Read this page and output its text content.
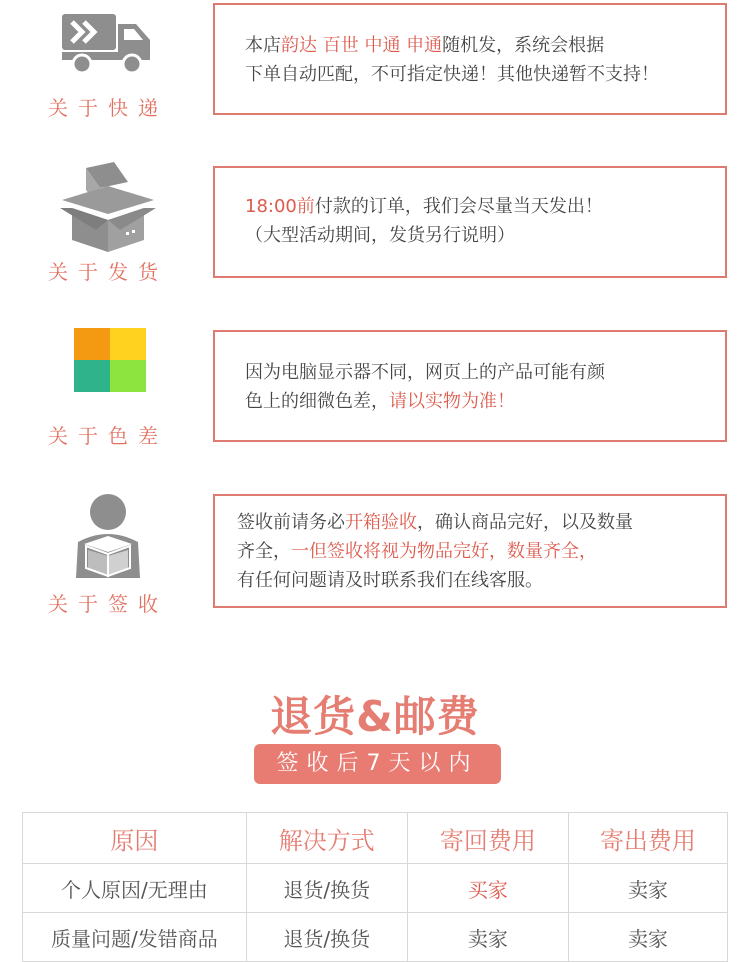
关于快递

本店韵达 百世 中通 申通随机发，系统会根据
下单自动匹配，不可指定快递！其他快递暂不支持！

关于发货

18:00前付款的订单，我们会尽量当天发出！
（大型活动期间，发货另行说明）

关于色差

因为电脑显示器不同，网页上的产品可能有颜
色上的细微色差，请以实物为准！

关于签收

签收前请务必开箱验收，确认商品完好，以及数量
齐全，一但签收将视为物品完好，数量齐全，
有任何问题请及时联系我们在线客服。

退货&邮费
签收后7天以内
原因	解决方式	寄回费用	寄出费用
个人原因/无理由	退货/换货	买家	卖家
质量问题/发错商品	退货/换货	卖家	卖家
